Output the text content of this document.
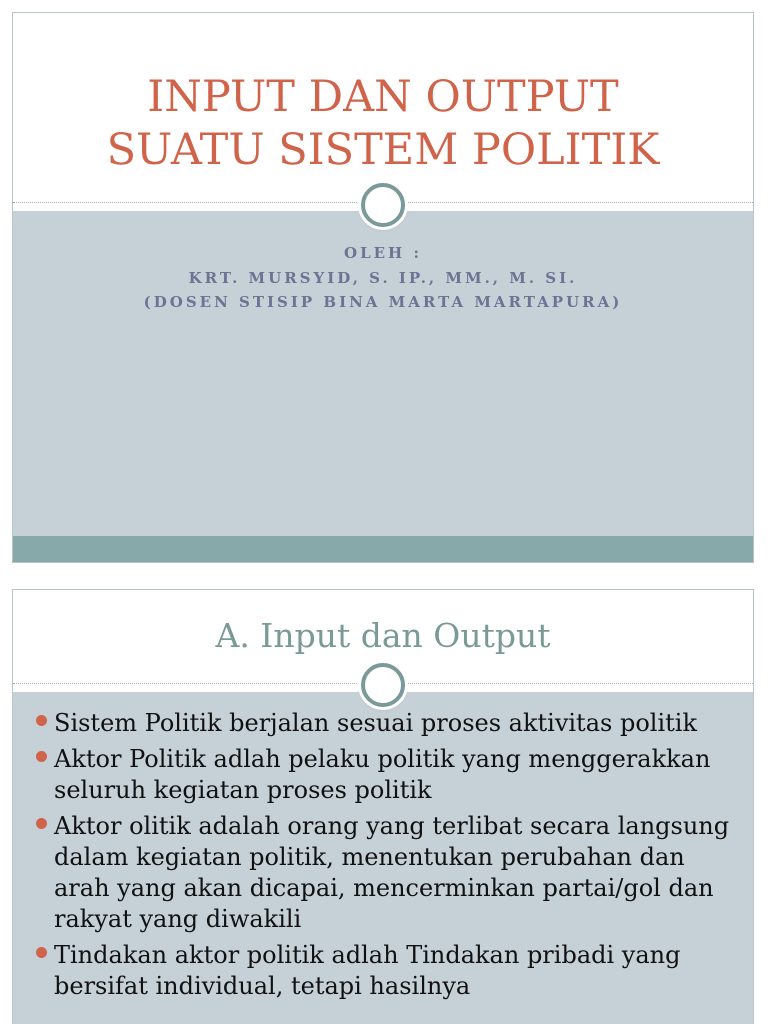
INPUT DAN OUTPUT
SUATU SISTEM POLITIK
OLEH :
KRT. MURSYID, S. IP., MM., M. SI.
(DOSEN STISIP BINA MARTA MARTAPURA)
A. Input dan Output
Sistem Politik berjalan sesuai proses aktivitas politik
Aktor Politik adlah pelaku politik yang menggerakkan seluruh kegiatan proses politik
Aktor olitik adalah orang yang terlibat secara langsung dalam kegiatan politik, menentukan perubahan dan arah yang akan dicapai, mencerminkan partai/gol dan rakyat yang diwakili
Tindakan aktor politik adlah Tindakan pribadi yang bersifat individual, tetapi hasilnya
